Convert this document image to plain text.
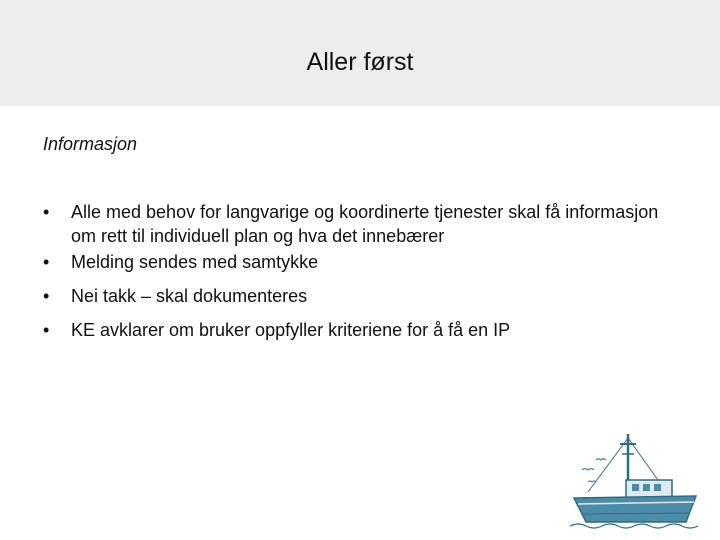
Aller først
Informasjon
• Alle med behov for langvarige og koordinerte tjenester skal få informasjon om rett til individuell plan og hva det innebærer
• Melding sendes med samtykke
• Nei takk – skal dokumenteres
• KE avklarer om bruker oppfyller kriteriene for å få en IP
